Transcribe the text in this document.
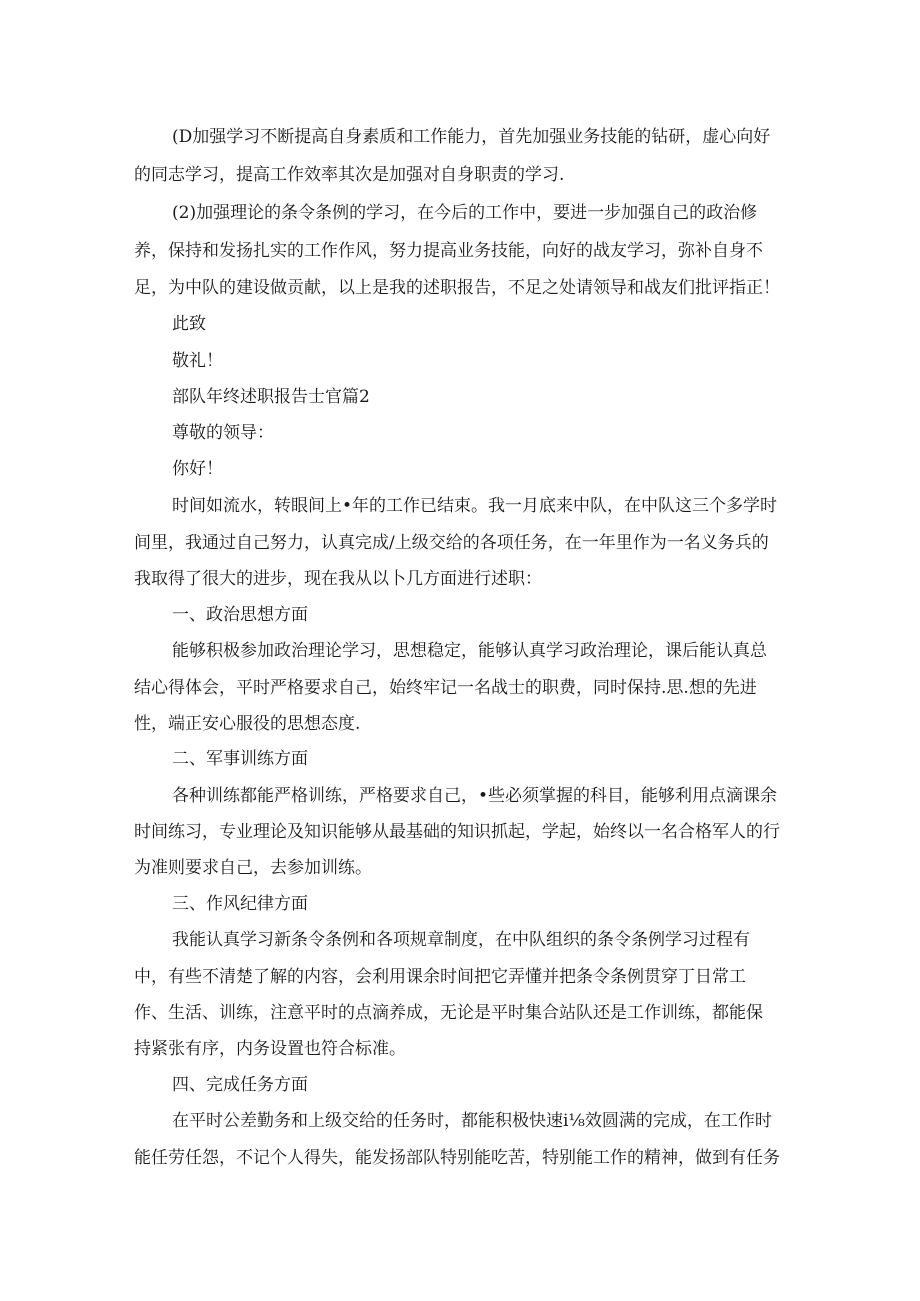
(D加强学习不断提高自身素质和工作能力，首先加强业务技能的钻研，虚心向好
的同志学习，提高工作效率其次是加强对自身职责的学习.
(2)加强理论的条令条例的学习，在今后的工作中，要进一步加强自己的政治修
养，保持和发扬扎实的工作作风，努力提高业务技能，向好的战友学习，弥补自身不
足，为中队的建设做贡献，以上是我的述职报告，不足之处请领导和战友们批评指正！
此致
敬礼！
部队年终述职报告士官篇2
尊敬的领导：
你好！
时间如流水，转眼间上•年的工作已结束。我一月底来中队，在中队这三个多学时
间里，我通过自己努力，认真完成/上级交给的各项任务，在一年里作为一名义务兵的
我取得了很大的进步，现在我从以卜几方面进行述职：
一、政治思想方面
能够积极参加政治理论学习，思想稳定，能够认真学习政治理论，课后能认真总
结心得体会，平时严格要求自己，始终牢记一名战士的职费，同时保持.思.想的先进
性，端正安心服役的思想态度.
二、军事训练方面
各种训练都能严格训练，严格要求自己，•些必须掌握的科目，能够利用点滴课余
时间练习，专业理论及知识能够从最基础的知识抓起，学起，始终以一名合格军人的行
为准则要求自己，去参加训练。
三、作风纪律方面
我能认真学习新条令条例和各项规章制度，在中队组织的条令条例学习过程有
中，有些不清楚了解的内容，会利用课余时间把它弄懂并把条令条例贯穿丁日常工
作、生活、训练，注意平时的点滴养成，无论是平时集合站队还是工作训练，都能保
持紧张有序，内务设置也符合标准。
四、完成任务方面
在平时公差勤务和上级交给的任务时，都能积极快速i⅛效圆满的完成，在工作时
能任劳任怨，不记个人得失，能发扬部队特别能吃苦，特别能工作的精神，做到有任务
